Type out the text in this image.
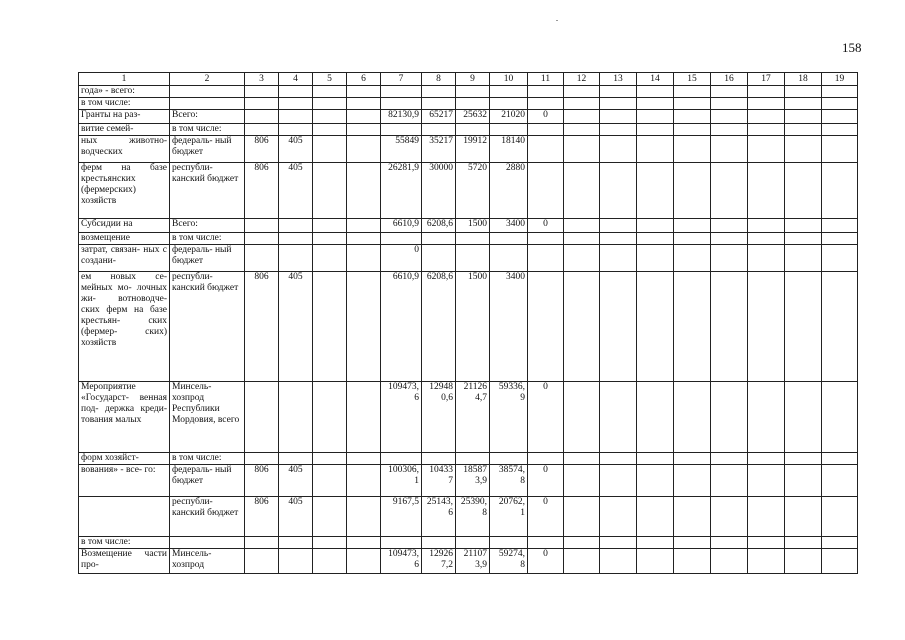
158
1	2	3	4	5	6	7	8	9	10	11	12	13	14	15	16	17	18	19
года» - всего:																		
в том числе:																		
Гранты на раз-	Всего:					82130,9	65217	25632	21020	0								
витие семей-	в том числе:																	
ных животно- водческих	федераль- ный бюджет	806	405			55849	35217	19912	18140									
ферм на базе крестьянских (фермерских) хозяйств	республи- канский бюджет	806	405			26281,9	30000	5720	2880									
Субсидии на	Всего:					6610,9	6208,6	1500	3400	0								
возмещение	в том числе:																	
затрат, связан- ных с создани-	федераль- ный бюджет					0												
ем новых се- мейных мо- лочных жи- вотноводче- ских ферм на базе крестьян- ских (фермер- ских) хозяйств	республи- канский бюджет	806	405			6610,9	6208,6	1500	3400									
Мероприятие «Государст- венная под- держка креди- тования малых	Минсель- хозпрод Республики Мордовия, всего					109473, 6	12948 0,6	21126 4,7	59336, 9	0								
форм хозяйст-	в том числе:																	
вования» - все- го:	федераль- ный бюджет	806	405			100306, 1	10433 7	18587 3,9	38574, 8	0								
	республи- канский бюджет	806	405			9167,5	25143, 6	25390, 8	20762, 1	0								
в том числе:																		
Возмещение части про-	Минсель- хозпрод					109473, 6	12926 7,2	21107 3,9	59274, 8	0								
